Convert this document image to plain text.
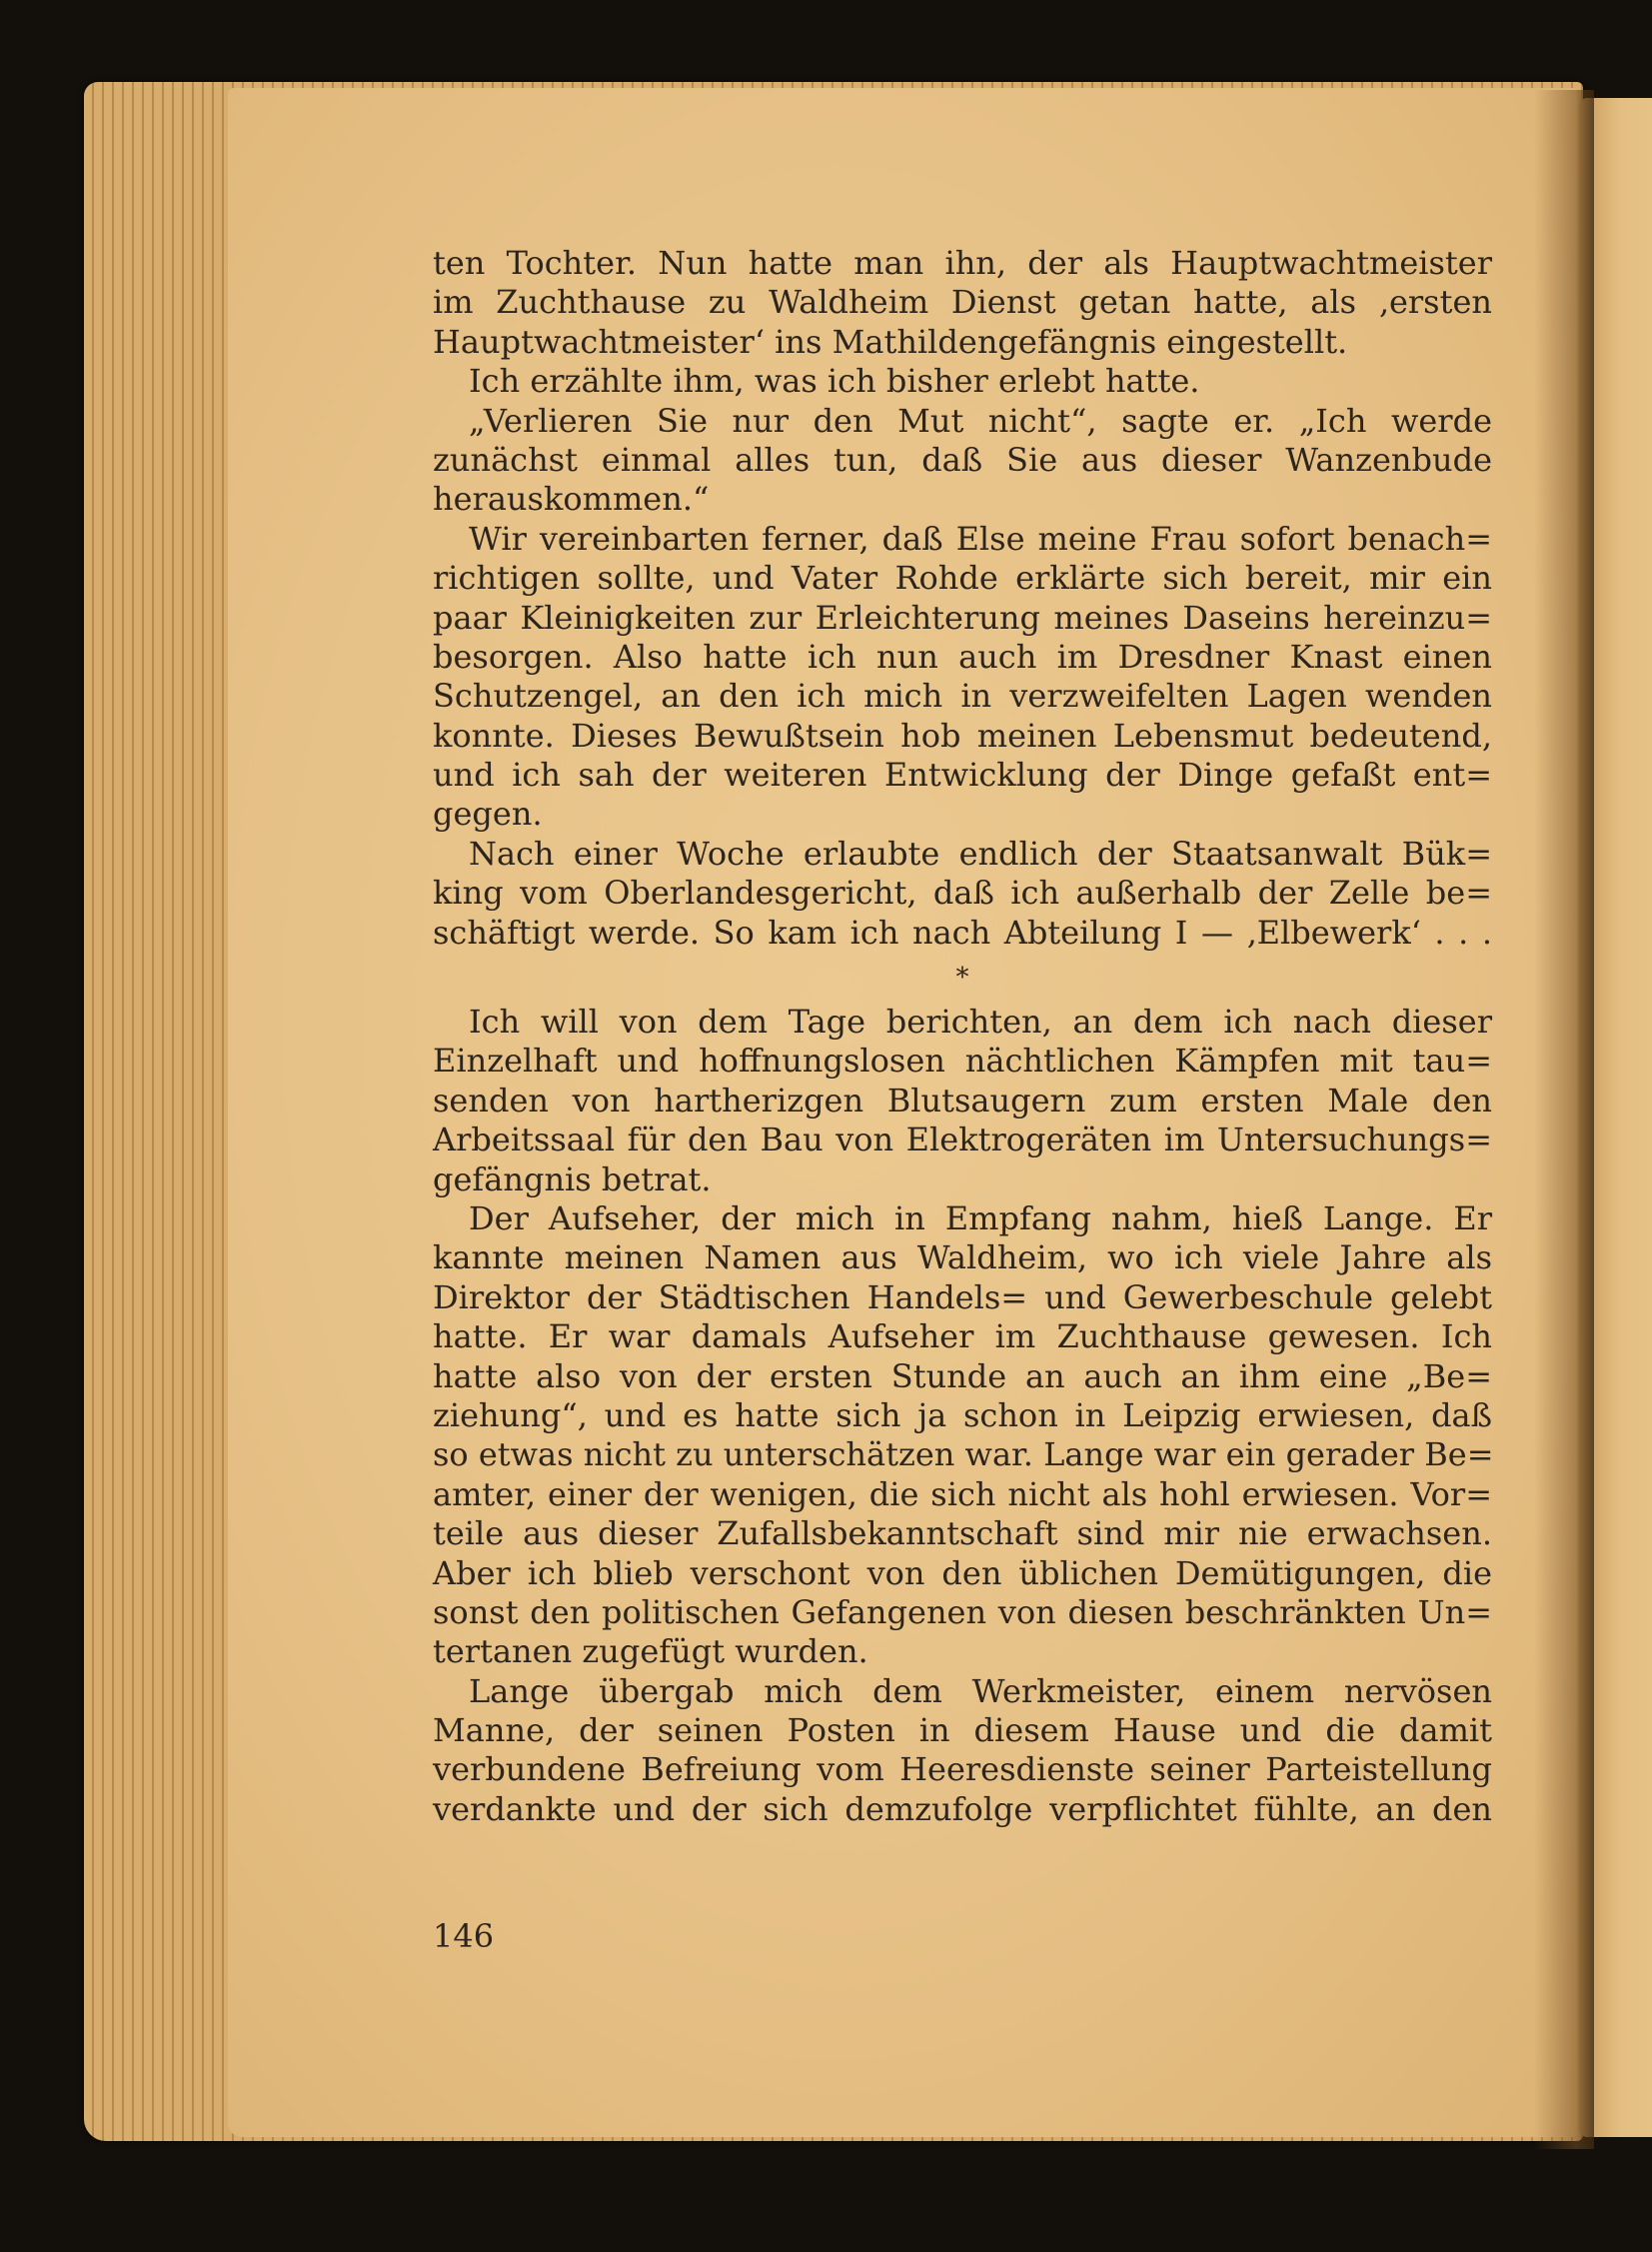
ten Tochter. Nun hatte man ihn, der als Hauptwachtmeister
im Zuchthause zu Waldheim Dienst getan hatte, als ‚ersten
Hauptwachtmeister‘ ins Mathildengefängnis eingestellt.
Ich erzählte ihm, was ich bisher erlebt hatte.
„Verlieren Sie nur den Mut nicht“, sagte er. „Ich werde
zunächst einmal alles tun, daß Sie aus dieser Wanzenbude
herauskommen.“
Wir vereinbarten ferner, daß Else meine Frau sofort benach=
richtigen sollte, und Vater Rohde erklärte sich bereit, mir ein
paar Kleinigkeiten zur Erleichterung meines Daseins hereinzu=
besorgen. Also hatte ich nun auch im Dresdner Knast einen
Schutzengel, an den ich mich in verzweifelten Lagen wenden
konnte. Dieses Bewußtsein hob meinen Lebensmut bedeutend,
und ich sah der weiteren Entwicklung der Dinge gefaßt ent=
gegen.
Nach einer Woche erlaubte endlich der Staatsanwalt Bük=
king vom Oberlandesgericht, daß ich außerhalb der Zelle be=
schäftigt werde. So kam ich nach Abteilung I — ‚Elbewerk‘ . . .
*
Ich will von dem Tage berichten, an dem ich nach dieser
Einzelhaft und hoffnungslosen nächtlichen Kämpfen mit tau=
senden von hartherizgen Blutsaugern zum ersten Male den
Arbeitssaal für den Bau von Elektrogeräten im Untersuchungs=
gefängnis betrat.
Der Aufseher, der mich in Empfang nahm, hieß Lange. Er
kannte meinen Namen aus Waldheim, wo ich viele Jahre als
Direktor der Städtischen Handels= und Gewerbeschule gelebt
hatte. Er war damals Aufseher im Zuchthause gewesen. Ich
hatte also von der ersten Stunde an auch an ihm eine „Be=
ziehung“, und es hatte sich ja schon in Leipzig erwiesen, daß
so etwas nicht zu unterschätzen war. Lange war ein gerader Be=
amter, einer der wenigen, die sich nicht als hohl erwiesen. Vor=
teile aus dieser Zufallsbekanntschaft sind mir nie erwachsen.
Aber ich blieb verschont von den üblichen Demütigungen, die
sonst den politischen Gefangenen von diesen beschränkten Un=
tertanen zugefügt wurden.
Lange übergab mich dem Werkmeister, einem nervösen
Manne, der seinen Posten in diesem Hause und die damit
verbundene Befreiung vom Heeresdienste seiner Parteistellung
verdankte und der sich demzufolge verpflichtet fühlte, an den
146
